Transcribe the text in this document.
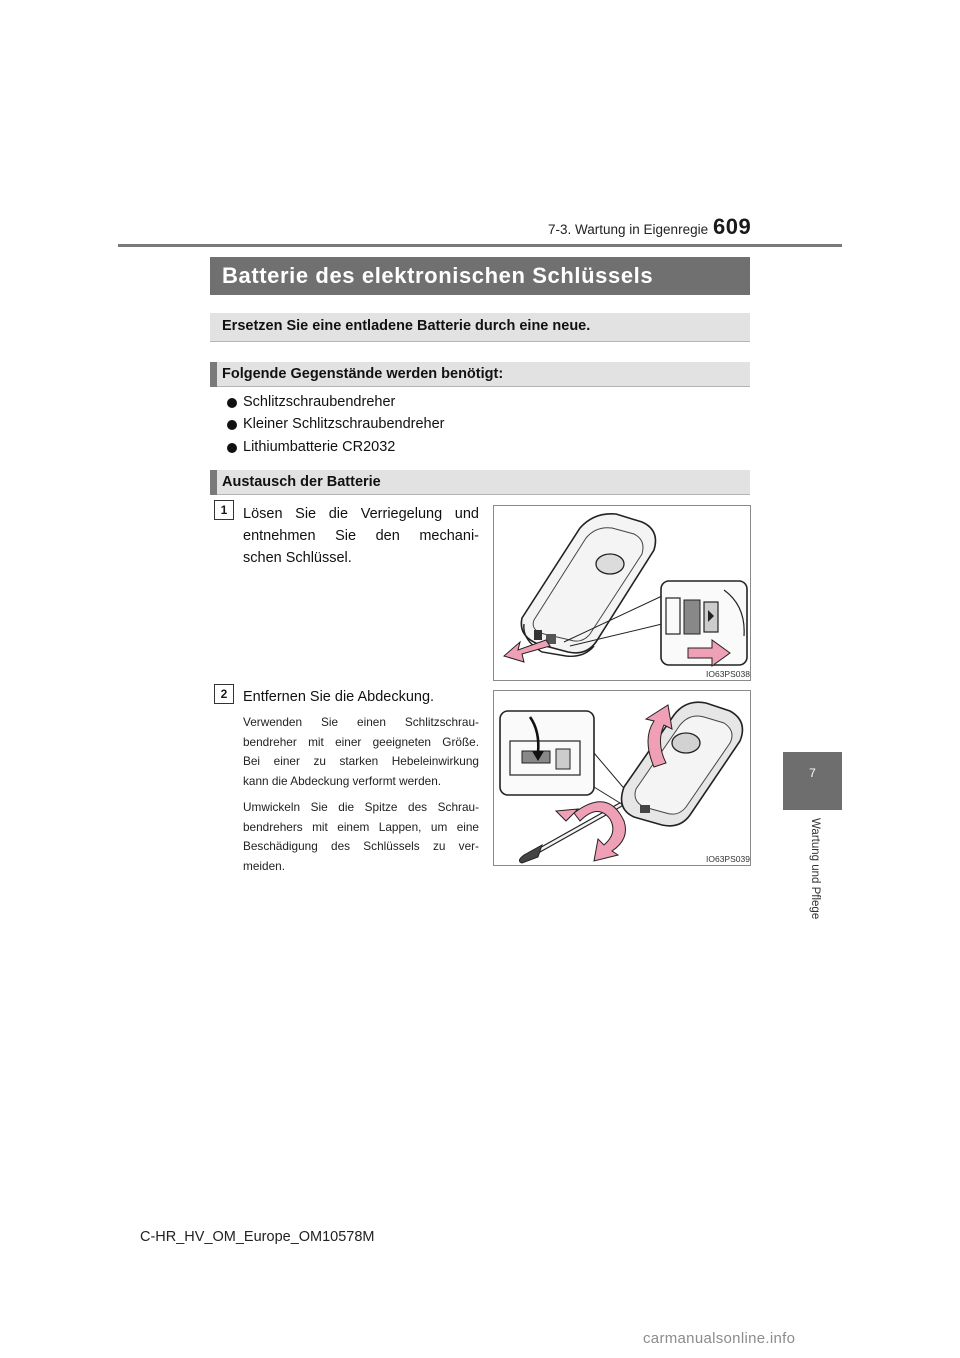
7-3. Wartung in Eigenregie 609
7
Wartung und Pflege
Batterie des elektronischen Schlüssels
Ersetzen Sie eine entladene Batterie durch eine neue.
Folgende Gegenstände werden benötigt:
Schlitzschraubendreher
Kleiner Schlitzschraubendreher
Lithiumbatterie CR2032
Austausch der Batterie
1	Lösen Sie die Verriegelung und
entnehmen Sie den mechani-
schen Schlüssel.
IO63PS038
2	Entfernen Sie die Abdeckung.
Verwenden Sie einen Schlitzschrau-
bendreher mit einer geeigneten Größe.
Bei einer zu starken Hebeleinwirkung
kann die Abdeckung verformt werden.
Umwickeln Sie die Spitze des Schrau-
bendrehers mit einem Lappen, um eine
Beschädigung des Schlüssels zu ver-
meiden.	IO63PS039
C-HR_HV_OM_Europe_OM10578M
carmanualsonline.info
